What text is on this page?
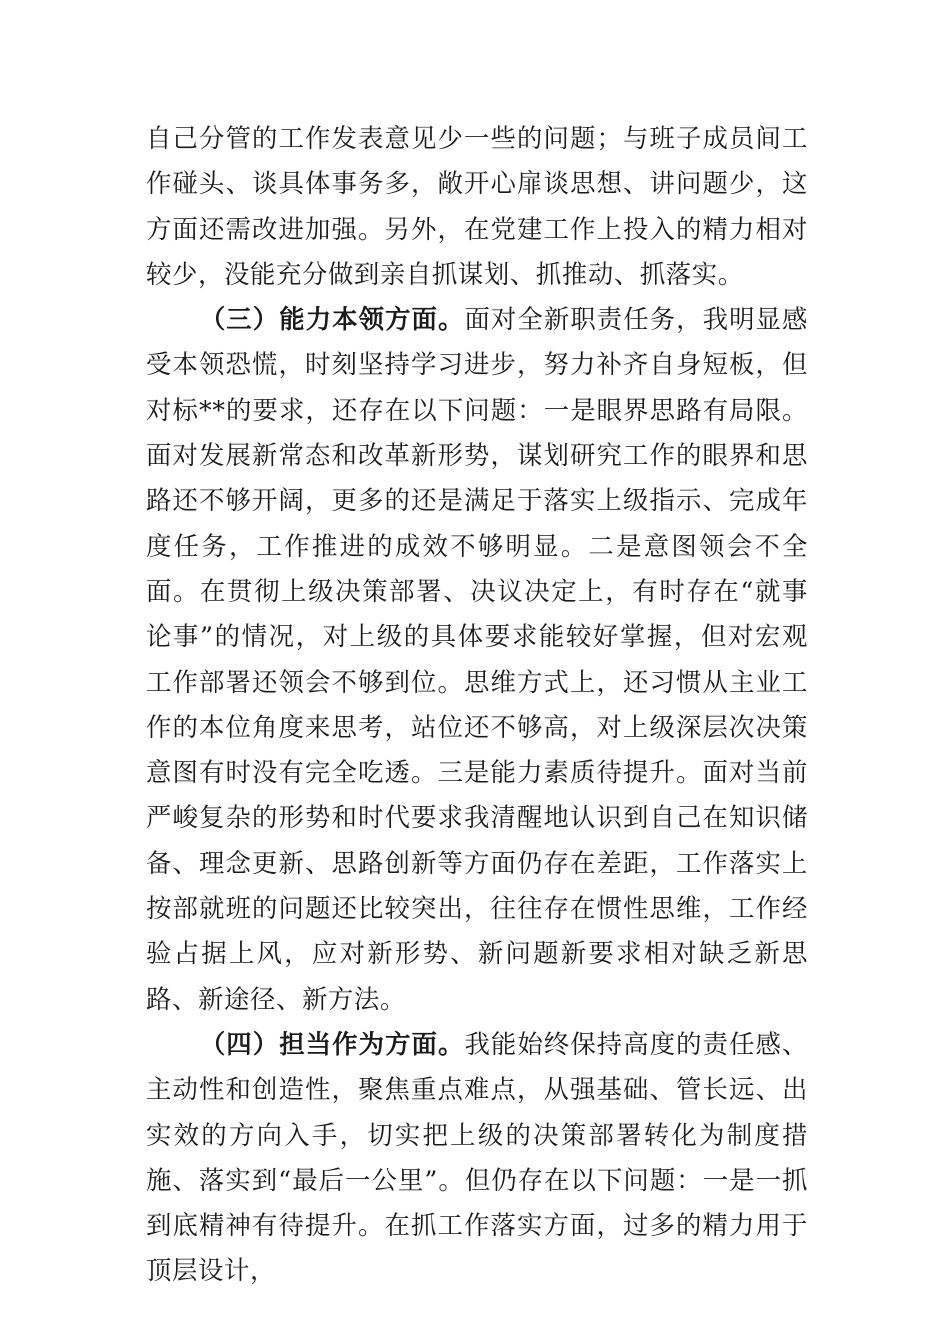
自己分管的工作发表意见少一些的问题；与班子成员间工作碰头、谈具体事务多，敞开心扉谈思想、讲问题少，这方面还需改进加强。另外，在党建工作上投入的精力相对较少，没能充分做到亲自抓谋划、抓推动、抓落实。

（三）能力本领方面。面对全新职责任务，我明显感受本领恐慌，时刻坚持学习进步，努力补齐自身短板，但对标**的要求，还存在以下问题：一是眼界思路有局限。面对发展新常态和改革新形势，谋划研究工作的眼界和思路还不够开阔，更多的还是满足于落实上级指示、完成年度任务，工作推进的成效不够明显。二是意图领会不全面。在贯彻上级决策部署、决议决定上，有时存在“就事论事”的情况，对上级的具体要求能较好掌握，但对宏观工作部署还领会不够到位。思维方式上，还习惯从主业工作的本位角度来思考，站位还不够高，对上级深层次决策意图有时没有完全吃透。三是能力素质待提升。面对当前严峻复杂的形势和时代要求我清醒地认识到自己在知识储备、理念更新、思路创新等方面仍存在差距，工作落实上按部就班的问题还比较突出，往往存在惯性思维，工作经验占据上风，应对新形势、新问题新要求相对缺乏新思路、新途径、新方法。

（四）担当作为方面。我能始终保持高度的责任感、主动性和创造性，聚焦重点难点，从强基础、管长远、出实效的方向入手，切实把上级的决策部署转化为制度措施、落实到“最后一公里”。但仍存在以下问题：一是一抓到底精神有待提升。在抓工作落实方面，过多的精力用于顶层设计，
